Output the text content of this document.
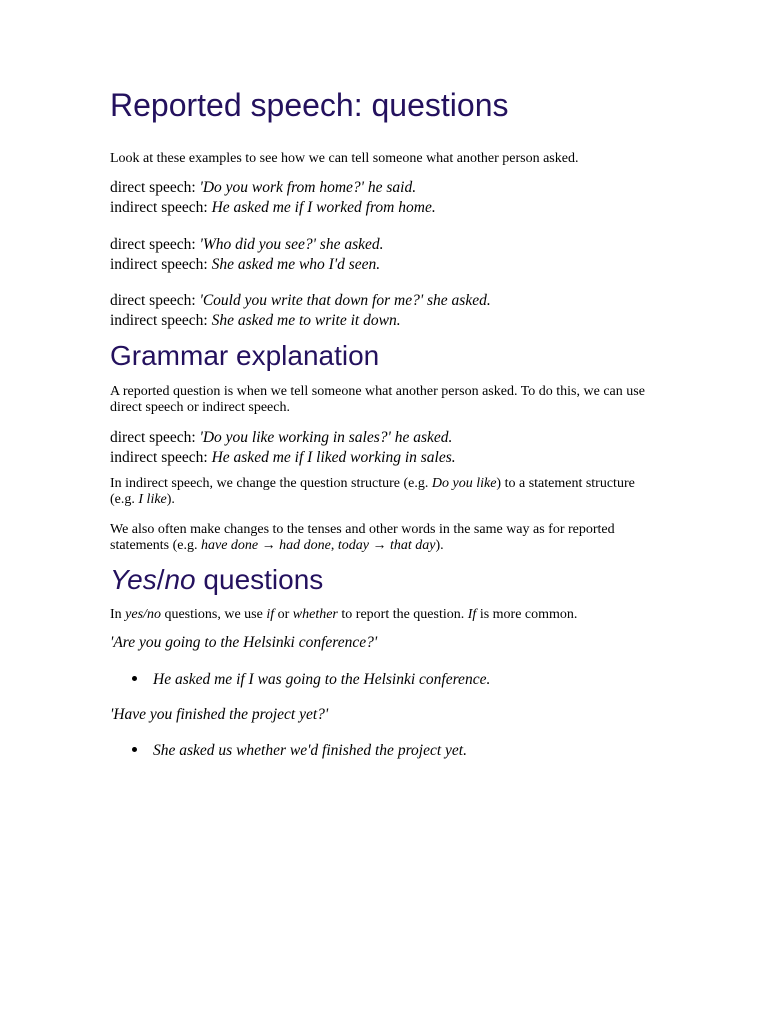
Reported speech: questions
Look at these examples to see how we can tell someone what another person asked.
direct speech: 'Do you work from home?' he said.
indirect speech: He asked me if I worked from home.
direct speech: 'Who did you see?' she asked.
indirect speech: She asked me who I'd seen.
direct speech: 'Could you write that down for me?' she asked.
indirect speech: She asked me to write it down.
Grammar explanation
A reported question is when we tell someone what another person asked. To do this, we can use direct speech or indirect speech.
direct speech: 'Do you like working in sales?' he asked.
indirect speech: He asked me if I liked working in sales.
In indirect speech, we change the question structure (e.g. Do you like) to a statement structure (e.g. I like).
We also often make changes to the tenses and other words in the same way as for reported statements (e.g. have done → had done, today → that day).
Yes/no questions
In yes/no questions, we use if or whether to report the question. If is more common.
'Are you going to the Helsinki conference?'
He asked me if I was going to the Helsinki conference.
'Have you finished the project yet?'
She asked us whether we'd finished the project yet.
